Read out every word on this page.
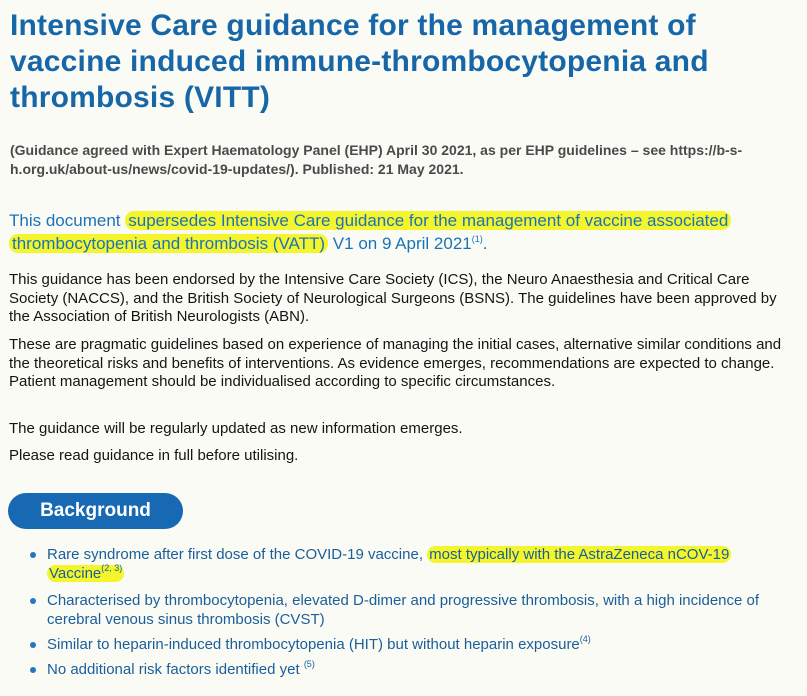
Intensive Care guidance for the management of vaccine induced immune-thrombocytopenia and thrombosis (VITT)

(Guidance agreed with Expert Haematology Panel (EHP) April 30 2021, as per EHP guidelines – see https://b-s-h.org.uk/about-us/news/covid-19-updates/). Published: 21 May 2021.

This document supersedes Intensive Care guidance for the management of vaccine associated thrombocytopenia and thrombosis (VATT) V1 on 9 April 2021$^{(1)}$.

This guidance has been endorsed by the Intensive Care Society (ICS), the Neuro Anaesthesia and Critical Care Society (NACCS), and the British Society of Neurological Surgeons (BSNS). The guidelines have been approved by the Association of British Neurologists (ABN).

These are pragmatic guidelines based on experience of managing the initial cases, alternative similar conditions and the theoretical risks and benefits of interventions. As evidence emerges, recommendations are expected to change. Patient management should be individualised according to specific circumstances.

The guidance will be regularly updated as new information emerges.

Please read guidance in full before utilising.

Background
Rare syndrome after first dose of the COVID-19 vaccine, most typically with the AstraZeneca nCOV-19 Vaccine$^{(2, 3)}$
Characterised by thrombocytopenia, elevated D-dimer and progressive thrombosis, with a high incidence of cerebral venous sinus thrombosis (CVST)
Similar to heparin-induced thrombocytopenia (HIT) but without heparin exposure$^{(4)}$
No additional risk factors identified yet $^{(5)}$
